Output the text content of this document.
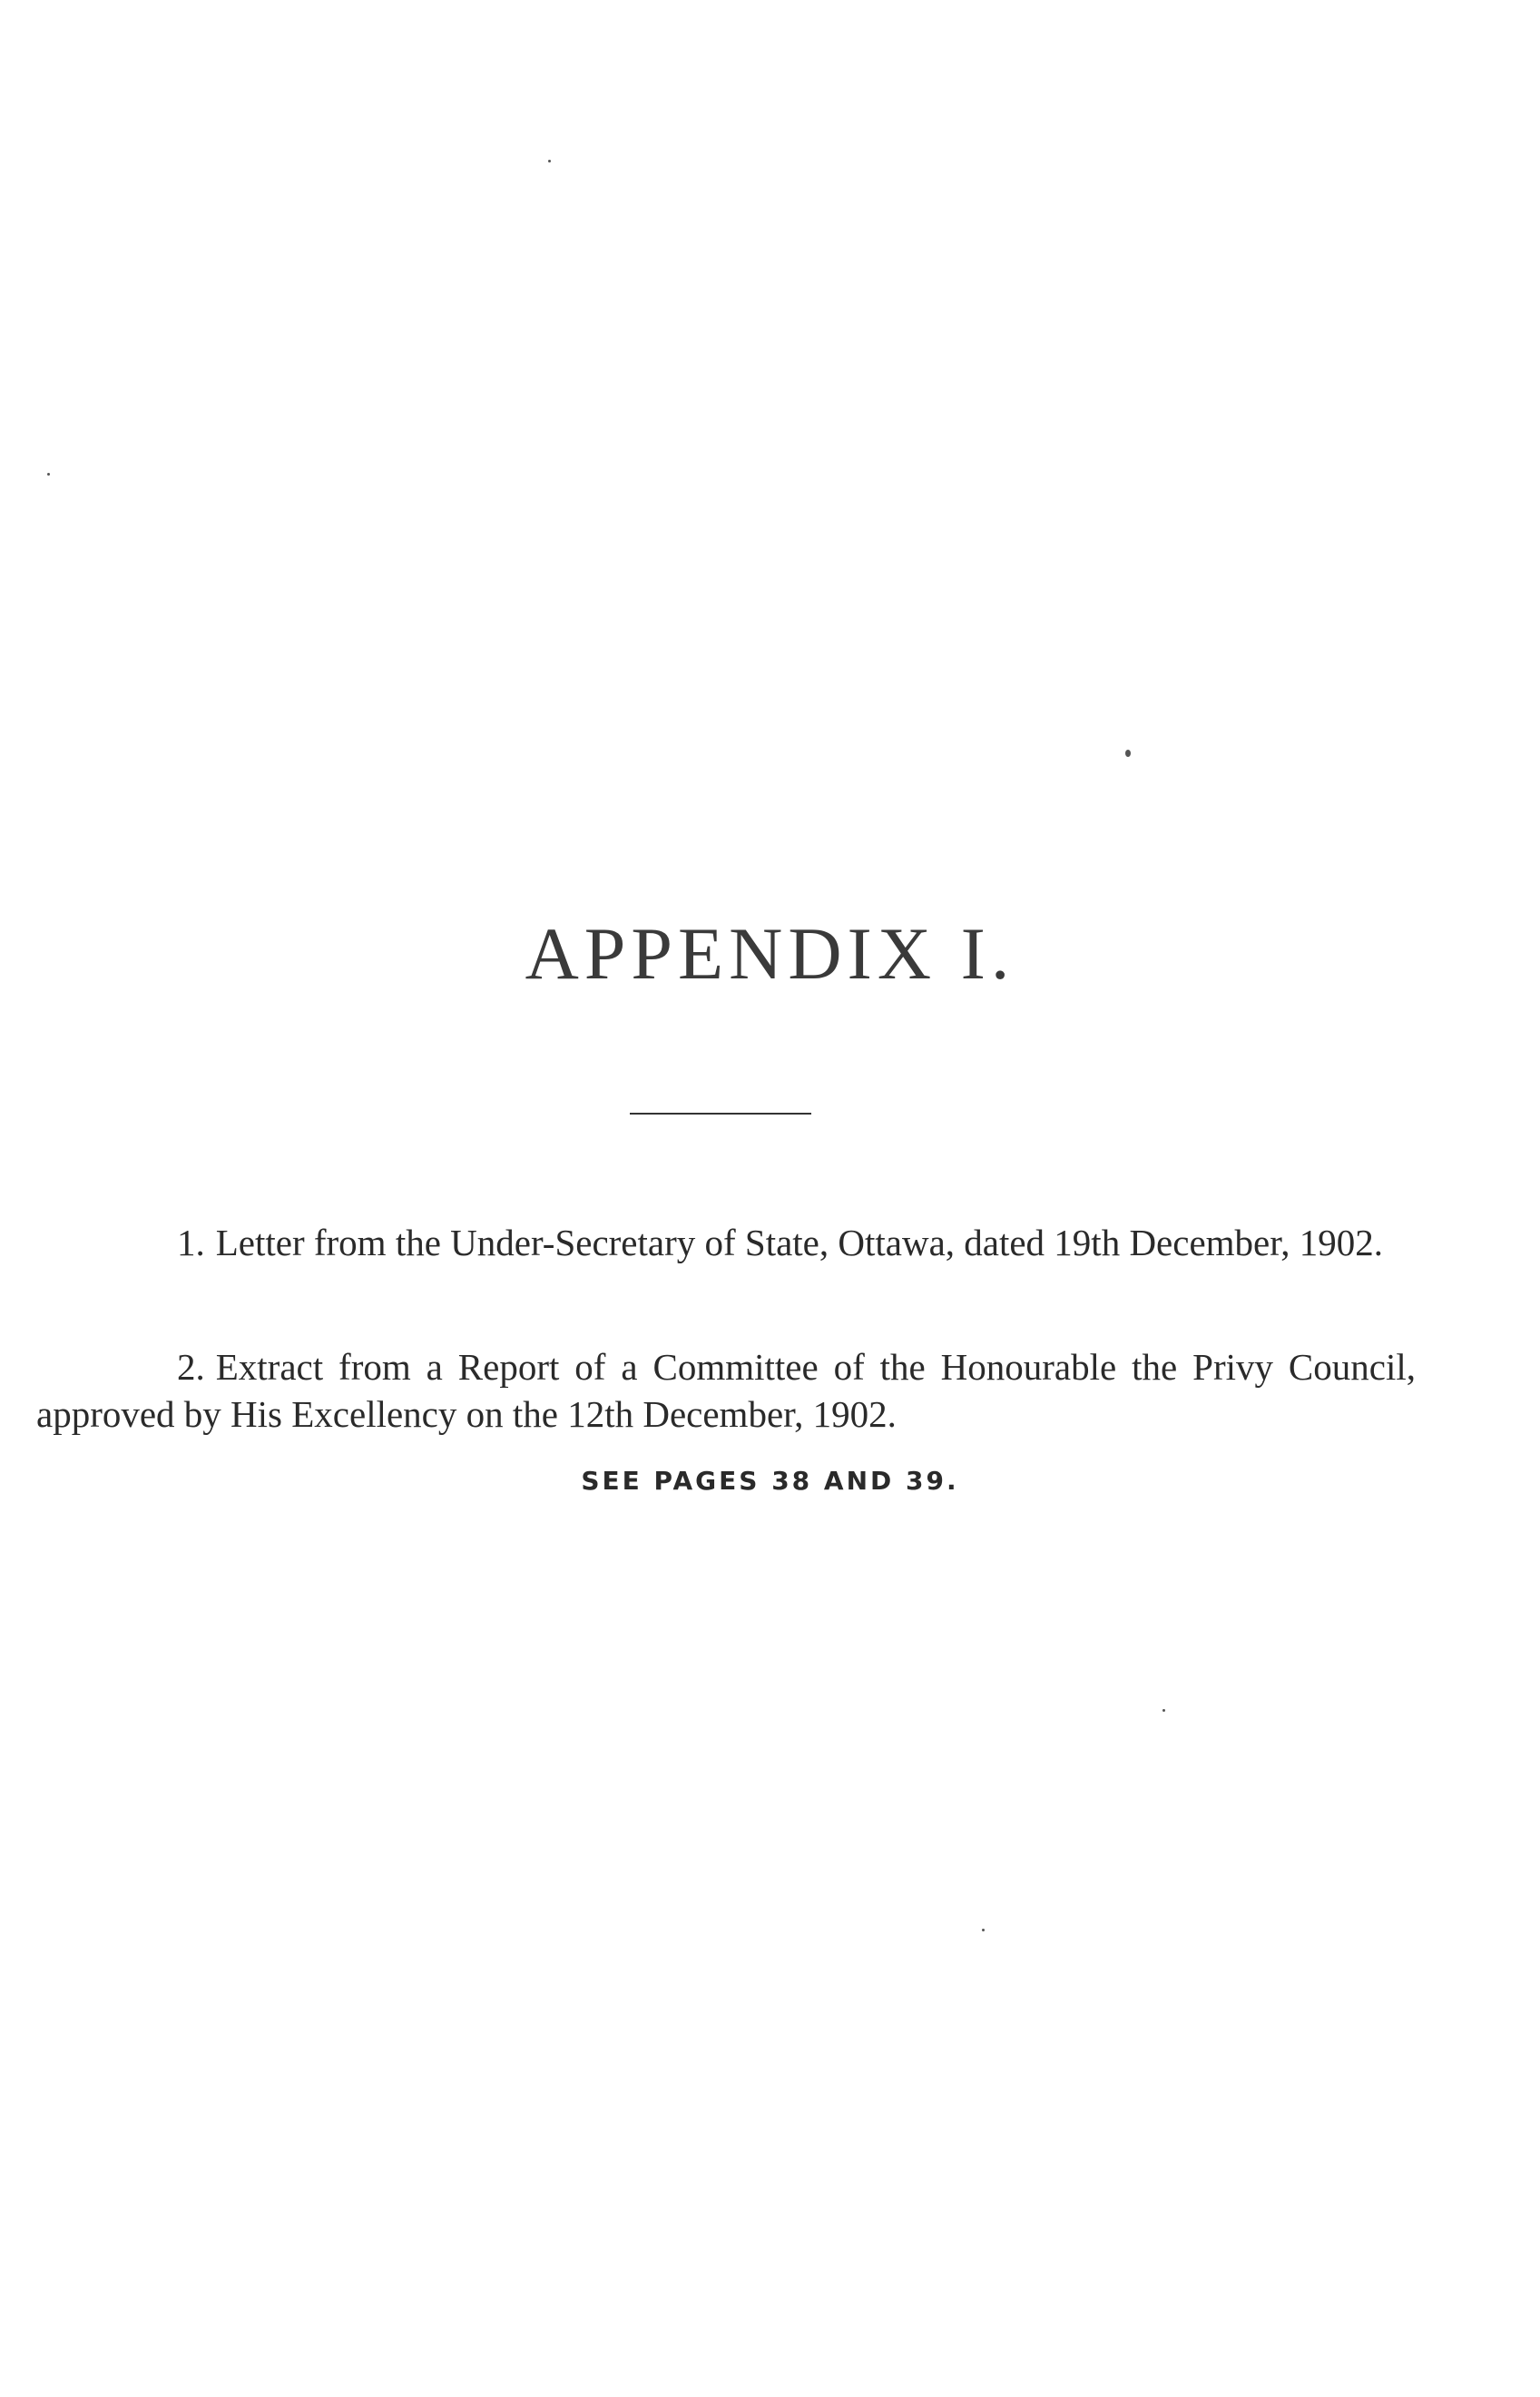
APPENDIX I.

1. Letter from the Under-Secretary of State, Ottawa, dated 19th December, 1902.

2. Extract from a Report of a Committee of the Honourable the Privy Council, approved by His Excellency on the 12th December, 1902.

SEE PAGES 38 AND 39.
